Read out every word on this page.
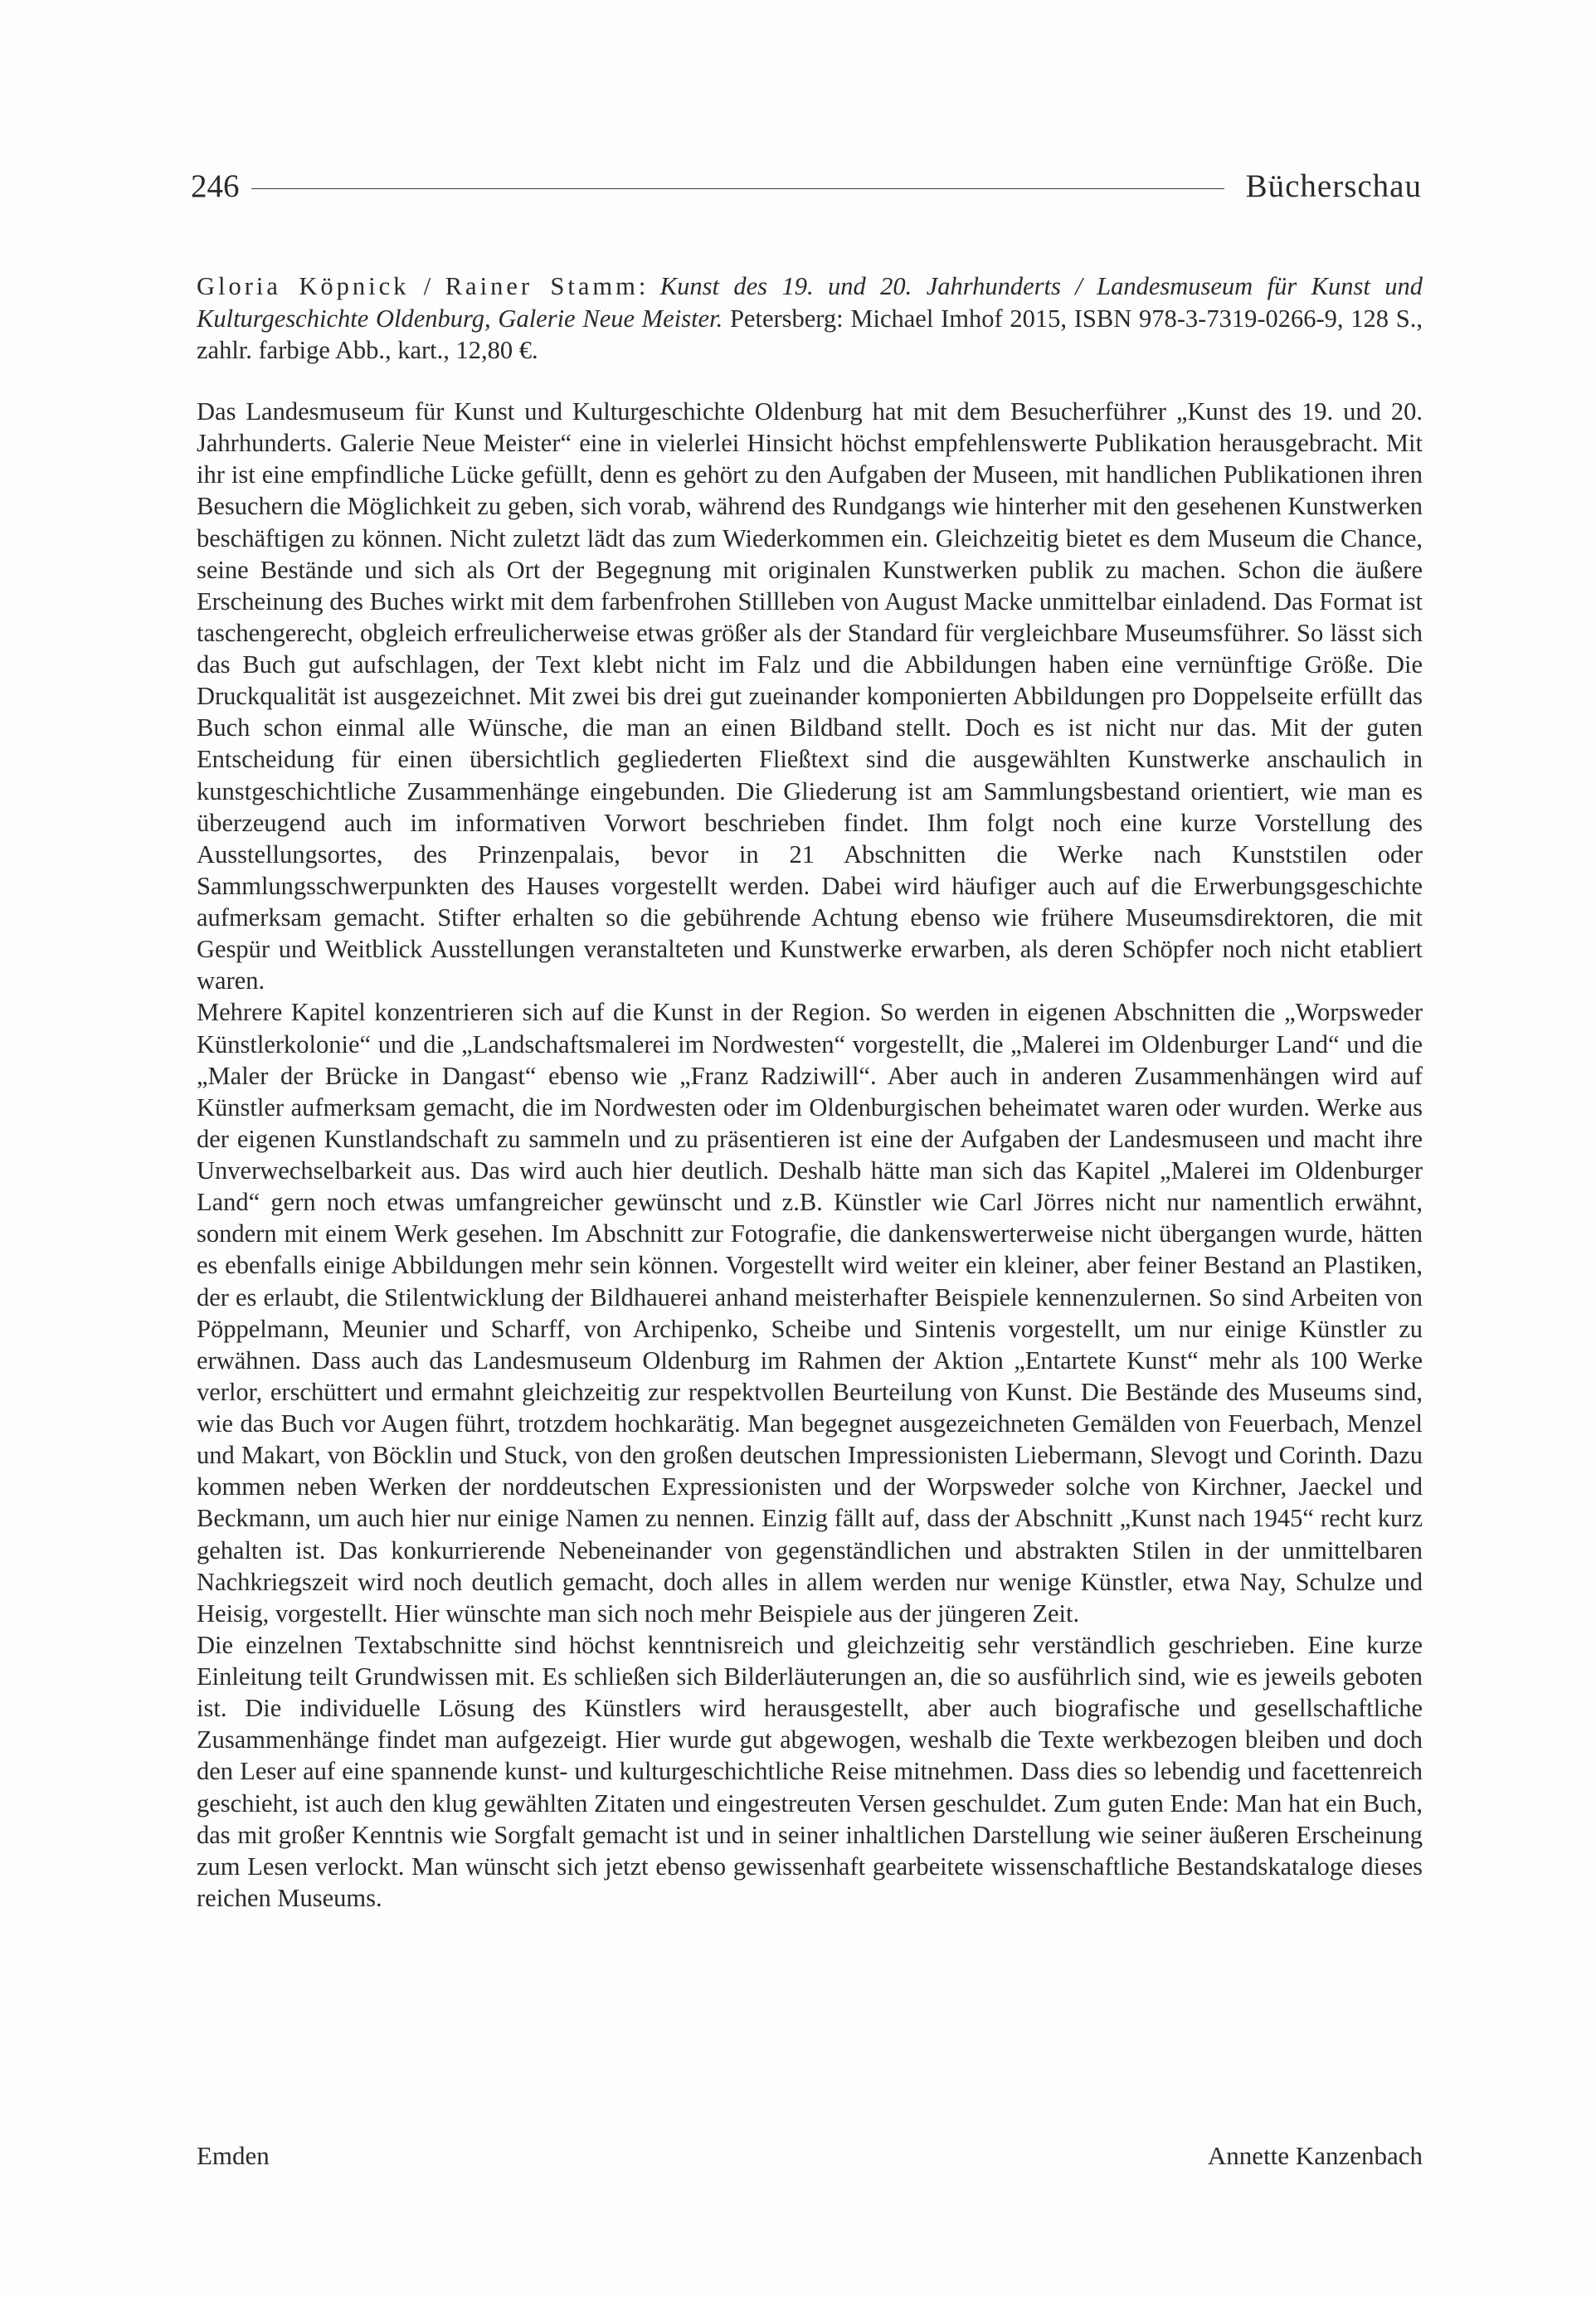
246	Bücherschau
Gloria Köpnick / Rainer Stamm: Kunst des 19. und 20. Jahrhunderts / Landesmuseum für Kunst und Kulturgeschichte Oldenburg, Galerie Neue Meister. Petersberg: Michael Imhof 2015, ISBN 978-3-7319-0266-9, 128 S., zahlr. farbige Abb., kart., 12,80 €.

Das Landesmuseum für Kunst und Kulturgeschichte Oldenburg hat mit dem Besucherführer „Kunst des 19. und 20. Jahrhunderts. Galerie Neue Meister“ eine in vielerlei Hinsicht höchst empfehlenswerte Publikation herausgebracht. Mit ihr ist eine empfindliche Lücke gefüllt, denn es gehört zu den Aufgaben der Museen, mit handlichen Publikationen ihren Besuchern die Möglichkeit zu geben, sich vorab, während des Rundgangs wie hinterher mit den gesehenen Kunstwerken beschäftigen zu können. Nicht zuletzt lädt das zum Wiederkommen ein. Gleichzeitig bietet es dem Museum die Chance, seine Bestände und sich als Ort der Begegnung mit originalen Kunstwerken publik zu machen. Schon die äußere Erscheinung des Buches wirkt mit dem farbenfrohen Stillleben von August Macke unmittelbar einladend. Das Format ist taschengerecht, obgleich erfreulicherweise etwas größer als der Standard für vergleichbare Museumsführer. So lässt sich das Buch gut aufschlagen, der Text klebt nicht im Falz und die Abbildungen haben eine vernünftige Größe. Die Druckqualität ist ausgezeichnet. Mit zwei bis drei gut zueinander komponierten Abbildungen pro Doppelseite erfüllt das Buch schon einmal alle Wünsche, die man an einen Bildband stellt. Doch es ist nicht nur das. Mit der guten Entscheidung für einen übersichtlich gegliederten Fließtext sind die ausgewählten Kunstwerke anschaulich in kunstgeschichtliche Zusammenhänge eingebunden. Die Gliederung ist am Sammlungsbestand orientiert, wie man es überzeugend auch im informativen Vorwort beschrieben findet. Ihm folgt noch eine kurze Vorstellung des Ausstellungsortes, des Prinzenpalais, bevor in 21 Abschnitten die Werke nach Kunststilen oder Sammlungsschwerpunkten des Hauses vorgestellt werden. Dabei wird häufiger auch auf die Erwerbungsgeschichte aufmerksam gemacht. Stifter erhalten so die gebührende Achtung ebenso wie frühere Museumsdirektoren, die mit Gespür und Weitblick Ausstellungen veranstalteten und Kunstwerke erwarben, als deren Schöpfer noch nicht etabliert waren.

Mehrere Kapitel konzentrieren sich auf die Kunst in der Region. So werden in eigenen Abschnitten die „Worpsweder Künstlerkolonie“ und die „Landschaftsmalerei im Nordwesten“ vorgestellt, die „Malerei im Oldenburger Land“ und die „Maler der Brücke in Dangast“ ebenso wie „Franz Radziwill“. Aber auch in anderen Zusammenhängen wird auf Künstler aufmerksam gemacht, die im Nordwesten oder im Oldenburgischen beheimatet waren oder wurden. Werke aus der eigenen Kunstlandschaft zu sammeln und zu präsentieren ist eine der Aufgaben der Landesmuseen und macht ihre Unverwechselbarkeit aus. Das wird auch hier deutlich. Deshalb hätte man sich das Kapitel „Malerei im Oldenburger Land“ gern noch etwas umfangreicher gewünscht und z.B. Künstler wie Carl Jörres nicht nur namentlich erwähnt, sondern mit einem Werk gesehen. Im Abschnitt zur Fotografie, die dankenswerterweise nicht übergangen wurde, hätten es ebenfalls einige Abbildungen mehr sein können. Vorgestellt wird weiter ein kleiner, aber feiner Bestand an Plastiken, der es erlaubt, die Stilentwicklung der Bildhauerei anhand meisterhafter Beispiele kennenzulernen. So sind Arbeiten von Pöppelmann, Meunier und Scharff, von Archipenko, Scheibe und Sintenis vorgestellt, um nur einige Künstler zu erwähnen. Dass auch das Landesmuseum Oldenburg im Rahmen der Aktion „Entartete Kunst“ mehr als 100 Werke verlor, erschüttert und ermahnt gleichzeitig zur respektvollen Beurteilung von Kunst. Die Bestände des Museums sind, wie das Buch vor Augen führt, trotzdem hochkarätig. Man begegnet ausgezeichneten Gemälden von Feuerbach, Menzel und Makart, von Böcklin und Stuck, von den großen deutschen Impressionisten Liebermann, Slevogt und Corinth. Dazu kommen neben Werken der norddeutschen Expressionisten und der Worpsweder solche von Kirchner, Jaeckel und Beckmann, um auch hier nur einige Namen zu nennen. Einzig fällt auf, dass der Abschnitt „Kunst nach 1945“ recht kurz gehalten ist. Das konkurrierende Nebeneinander von gegenständlichen und abstrakten Stilen in der unmittelbaren Nachkriegszeit wird noch deutlich gemacht, doch alles in allem werden nur wenige Künstler, etwa Nay, Schulze und Heisig, vorgestellt. Hier wünschte man sich noch mehr Beispiele aus der jüngeren Zeit.

Die einzelnen Textabschnitte sind höchst kenntnisreich und gleichzeitig sehr verständlich geschrieben. Eine kurze Einleitung teilt Grundwissen mit. Es schließen sich Bilderläuterungen an, die so ausführlich sind, wie es jeweils geboten ist. Die individuelle Lösung des Künstlers wird herausgestellt, aber auch biografische und gesellschaftliche Zusammenhänge findet man aufgezeigt. Hier wurde gut abgewogen, weshalb die Texte werkbezogen bleiben und doch den Leser auf eine spannende kunst- und kulturgeschichtliche Reise mitnehmen. Dass dies so lebendig und facettenreich geschieht, ist auch den klug gewählten Zitaten und eingestreuten Versen geschuldet. Zum guten Ende: Man hat ein Buch, das mit großer Kenntnis wie Sorgfalt gemacht ist und in seiner inhaltlichen Darstellung wie seiner äußeren Erscheinung zum Lesen verlockt. Man wünscht sich jetzt ebenso gewissenhaft gearbeitete wissenschaftliche Bestandskataloge dieses reichen Museums.

Emden	Annette Kanzenbach
